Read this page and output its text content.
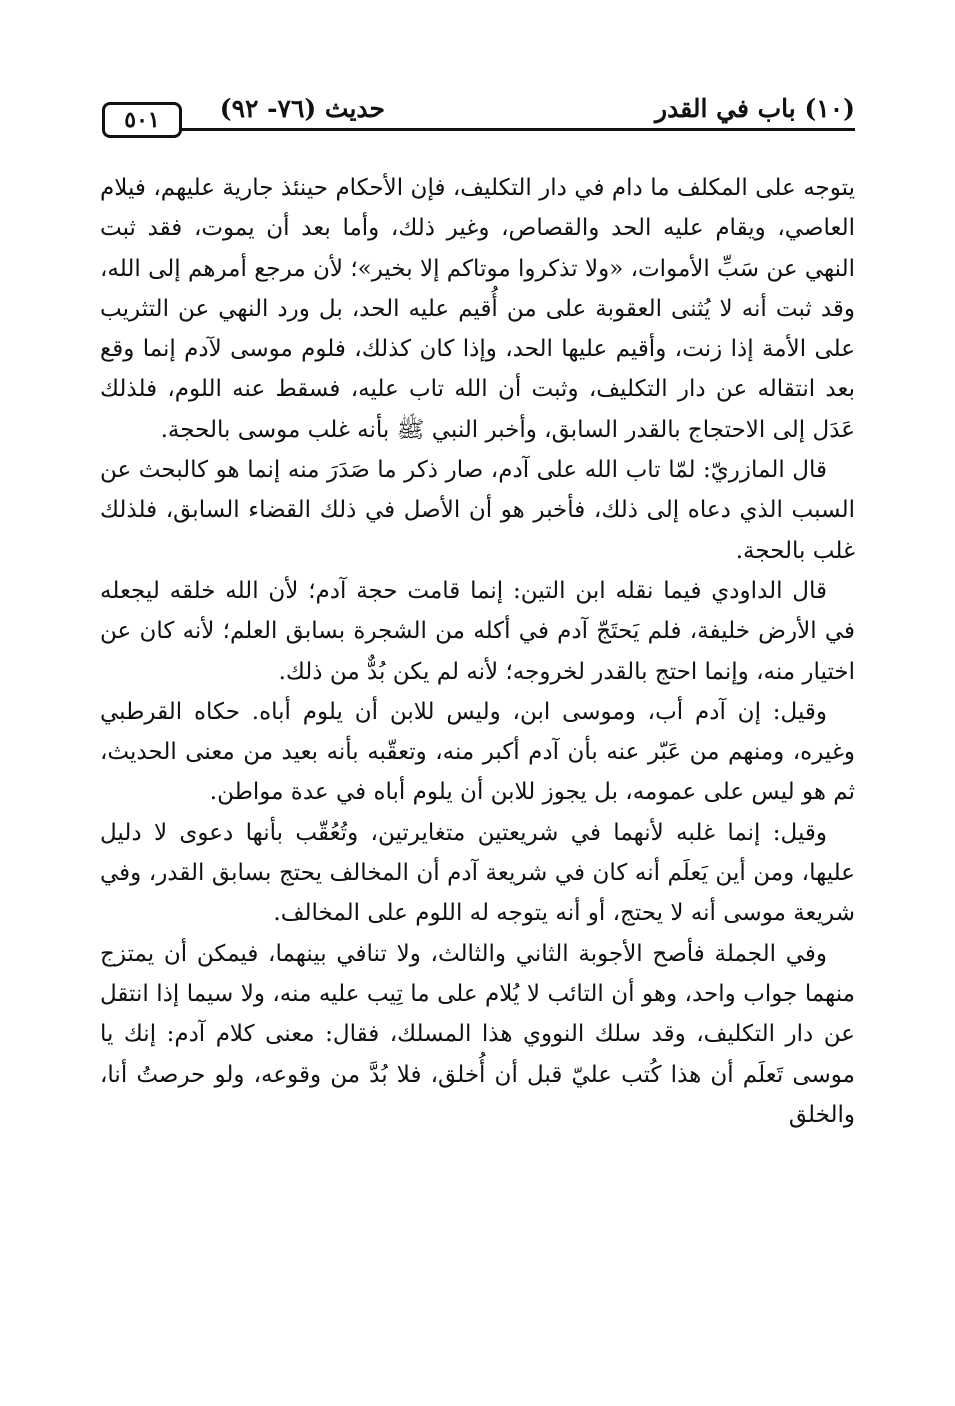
(١٠) باب في القدر
حديث (٧٦- ٩٢)
٥٠١

يتوجه على المكلف ما دام في دار التكليف، فإن الأحكام حينئذ جارية عليهم، فيلام العاصي، ويقام عليه الحد والقصاص، وغير ذلك، وأما بعد أن يموت، فقد ثبت النهي عن سَبِّ الأموات، «ولا تذكروا موتاكم إلا بخير»؛ لأن مرجع أمرهم إلى الله، وقد ثبت أنه لا يُثنى العقوبة على من أُقيم عليه الحد، بل ورد النهي عن التثريب على الأمة إذا زنت، وأقيم عليها الحد، وإذا كان كذلك، فلوم موسى لآدم إنما وقع بعد انتقاله عن دار التكليف، وثبت أن الله تاب عليه، فسقط عنه اللوم، فلذلك عَدَل إلى الاحتجاج بالقدر السابق، وأخبر النبي ﷺ بأنه غلب موسى بالحجة.

قال المازريّ: لمّا تاب الله على آدم، صار ذكر ما صَدَرَ منه إنما هو كالبحث عن السبب الذي دعاه إلى ذلك، فأخبر هو أن الأصل في ذلك القضاء السابق، فلذلك غلب بالحجة.

قال الداودي فيما نقله ابن التين: إنما قامت حجة آدم؛ لأن الله خلقه ليجعله في الأرض خليفة، فلم يَحتَجّ آدم في أكله من الشجرة بسابق العلم؛ لأنه كان عن اختيار منه، وإنما احتج بالقدر لخروجه؛ لأنه لم يكن بُدٌّ من ذلك.

وقيل: إن آدم أب، وموسى ابن، وليس للابن أن يلوم أباه. حكاه القرطبي وغيره، ومنهم من عَبّر عنه بأن آدم أكبر منه، وتعقّبه بأنه بعيد من معنى الحديث، ثم هو ليس على عمومه، بل يجوز للابن أن يلوم أباه في عدة مواطن.

وقيل: إنما غلبه لأنهما في شريعتين متغايرتين، وتُعُقّب بأنها دعوى لا دليل عليها، ومن أين يَعلَم أنه كان في شريعة آدم أن المخالف يحتج بسابق القدر، وفي شريعة موسى أنه لا يحتج، أو أنه يتوجه له اللوم على المخالف.

وفي الجملة فأصح الأجوبة الثاني والثالث، ولا تنافي بينهما، فيمكن أن يمتزج منهما جواب واحد، وهو أن التائب لا يُلام على ما تِيب عليه منه، ولا سيما إذا انتقل عن دار التكليف، وقد سلك النووي هذا المسلك، فقال: معنى كلام آدم: إنك يا موسى تَعلَم أن هذا كُتب عليّ قبل أن أُخلق، فلا بُدَّ من وقوعه، ولو حرصتُ أنا، والخلق
